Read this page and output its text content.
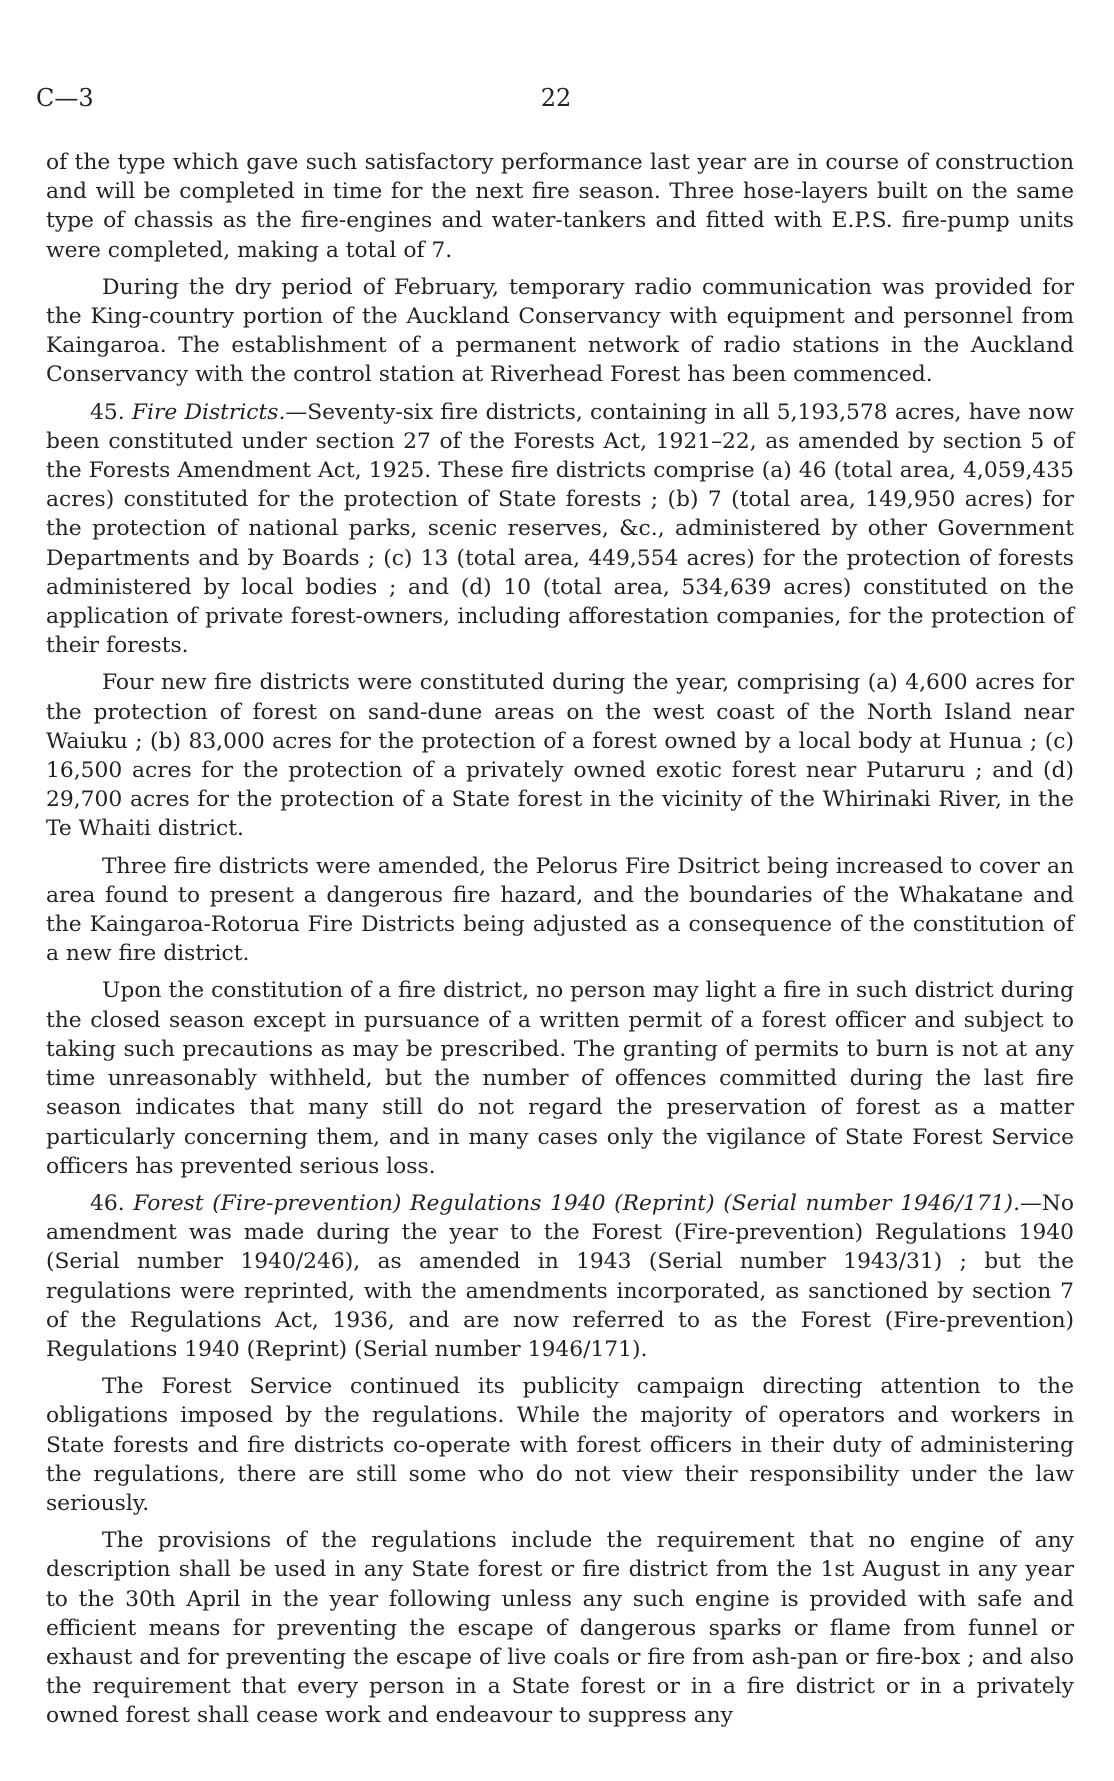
C—3	22

of the type which gave such satisfactory performance last year are in course of construction and will be completed in time for the next fire season. Three hose-layers built on the same type of chassis as the fire-engines and water-tankers and fitted with E.P.S. fire-pump units were completed, making a total of 7.

During the dry period of February, temporary radio communication was provided for the King-country portion of the Auckland Conservancy with equipment and personnel from Kaingaroa. The establishment of a permanent network of radio stations in the Auckland Conservancy with the control station at Riverhead Forest has been commenced.

45. Fire Districts.—Seventy-six fire districts, containing in all 5,193,578 acres, have now been constituted under section 27 of the Forests Act, 1921–22, as amended by section 5 of the Forests Amendment Act, 1925. These fire districts comprise (a) 46 (total area, 4,059,435 acres) constituted for the protection of State forests ; (b) 7 (total area, 149,950 acres) for the protection of national parks, scenic reserves, &c., administered by other Government Departments and by Boards ; (c) 13 (total area, 449,554 acres) for the protection of forests administered by local bodies ; and (d) 10 (total area, 534,639 acres) constituted on the application of private forest-owners, including afforestation companies, for the protection of their forests.

Four new fire districts were constituted during the year, comprising (a) 4,600 acres for the protection of forest on sand-dune areas on the west coast of the North Island near Waiuku ; (b) 83,000 acres for the protection of a forest owned by a local body at Hunua ; (c) 16,500 acres for the protection of a privately owned exotic forest near Putaruru ; and (d) 29,700 acres for the protection of a State forest in the vicinity of the Whirinaki River, in the Te Whaiti district.

Three fire districts were amended, the Pelorus Fire Dsitrict being increased to cover an area found to present a dangerous fire hazard, and the boundaries of the Whakatane and the Kaingaroa-Rotorua Fire Districts being adjusted as a consequence of the constitution of a new fire district.

Upon the constitution of a fire district, no person may light a fire in such district during the closed season except in pursuance of a written permit of a forest officer and subject to taking such precautions as may be prescribed. The granting of permits to burn is not at any time unreasonably withheld, but the number of offences committed during the last fire season indicates that many still do not regard the preservation of forest as a matter particularly concerning them, and in many cases only the vigilance of State Forest Service officers has prevented serious loss.

46. Forest (Fire-prevention) Regulations 1940 (Reprint) (Serial number 1946/171).—No amendment was made during the year to the Forest (Fire-prevention) Regulations 1940 (Serial number 1940/246), as amended in 1943 (Serial number 1943/31) ; but the regulations were reprinted, with the amendments incorporated, as sanctioned by section 7 of the Regulations Act, 1936, and are now referred to as the Forest (Fire-prevention) Regulations 1940 (Reprint) (Serial number 1946/171).

The Forest Service continued its publicity campaign directing attention to the obligations imposed by the regulations. While the majority of operators and workers in State forests and fire districts co-operate with forest officers in their duty of administering the regulations, there are still some who do not view their responsibility under the law seriously.

The provisions of the regulations include the requirement that no engine of any description shall be used in any State forest or fire district from the 1st August in any year to the 30th April in the year following unless any such engine is provided with safe and efficient means for preventing the escape of dangerous sparks or flame from funnel or exhaust and for preventing the escape of live coals or fire from ash-pan or fire-box ; and also the requirement that every person in a State forest or in a fire district or in a privately owned forest shall cease work and endeavour to suppress any
